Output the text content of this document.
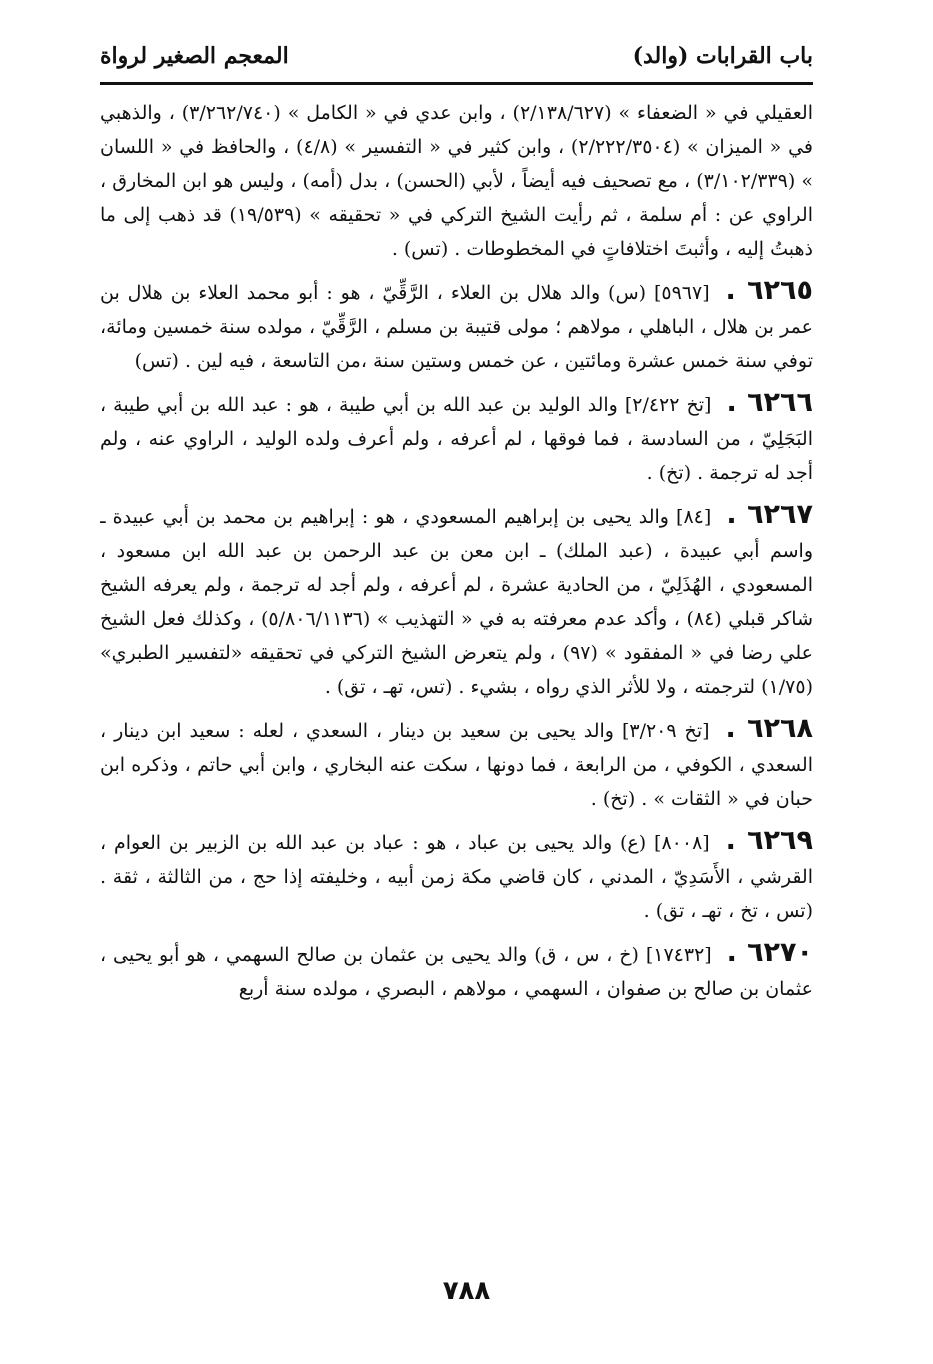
باب القرابات (والد)
المعجم الصغير لرواة

العقيلي في « الضعفاء » (٢/١٣٨/٦٢٧) ، وابن عدي في « الكامل » (٣/٢٦٢/٧٤٠) ، والذهبي في « الميزان » (٢/٢٢٢/٣٥٠٤) ، وابن كثير في « التفسير » (٤/٨) ، والحافظ في « اللسان » (٣/١٠٢/٣٣٩) ، مع تصحيف فيه أيضاً ، لأبي (الحسن) ، بدل (أمه) ، وليس هو ابن المخارق ، الراوي عن : أم سلمة ، ثم رأيت الشيخ التركي في « تحقيقه » (١٩/٥٣٩) قد ذهب إلى ما ذهبتُ إليه ، وأثبتَ اختلافاتٍ في المخطوطات . (تس) .

٦٢٦٥ . [٥٩٦٧] (س) والد هلال بن العلاء ، الرَّقِّيّ ، هو : أبو محمد العلاء بن هلال بن عمر بن هلال ، الباهلي ، مولاهم ؛ مولى قتيبة بن مسلم ، الرَّقِّيّ ، مولده سنة خمسين ومائة، توفي سنة خمس عشرة ومائتين ، عن خمس وستين سنة ،من التاسعة ، فيه لين . (تس)

٦٢٦٦ . [تخ ٢/٤٢٢] والد الوليد بن عبد الله بن أبي طيبة ، هو : عبد الله بن أبي طيبة ، البَجَلِيّ ، من السادسة ، فما فوقها ، لم أعرفه ، ولم أعرف ولده الوليد ، الراوي عنه ، ولم أجد له ترجمة . (تخ) .

٦٢٦٧ . [٨٤] والد يحيى بن إبراهيم المسعودي ، هو : إبراهيم بن محمد بن أبي عبيدة ـ واسم أبي عبيدة ، (عبد الملك) ـ ابن معن بن عبد الرحمن بن عبد الله ابن مسعود ، المسعودي ، الهُذَلِيّ ، من الحادية عشرة ، لم أعرفه ، ولم أجد له ترجمة ، ولم يعرفه الشيخ شاكر قبلي (٨٤) ، وأكد عدم معرفته به في « التهذيب » (٥/٨٠٦/١١٣٦) ، وكذلك فعل الشيخ علي رضا في « المفقود » (٩٧) ، ولم يتعرض الشيخ التركي في تحقيقه «لتفسير الطبري» (١/٧٥) لترجمته ، ولا للأثر الذي رواه ، بشيء . (تس، تهـ ، تق) .

٦٢٦٨ . [تخ ٣/٢٠٩] والد يحيى بن سعيد بن دينار ، السعدي ، لعله : سعيد ابن دينار ، السعدي ، الكوفي ، من الرابعة ، فما دونها ، سكت عنه البخاري ، وابن أبي حاتم ، وذكره ابن حبان في « الثقات » . (تخ) .

٦٢٦٩ . [٨٠٠٨] (ع) والد يحيى بن عباد ، هو : عباد بن عبد الله بن الزبير بن العوام ، القرشي ، الأَسَدِيّ ، المدني ، كان قاضي مكة زمن أبيه ، وخليفته إذا حج ، من الثالثة ، ثقة . (تس ، تخ ، تهـ ، تق) .

٦٢٧٠ . [١٧٤٣٢] (خ ، س ، ق) والد يحيى بن عثمان بن صالح السهمي ، هو أبو يحيى ، عثمان بن صالح بن صفوان ، السهمي ، مولاهم ، البصري ، مولده سنة أربع

٧٨٨
